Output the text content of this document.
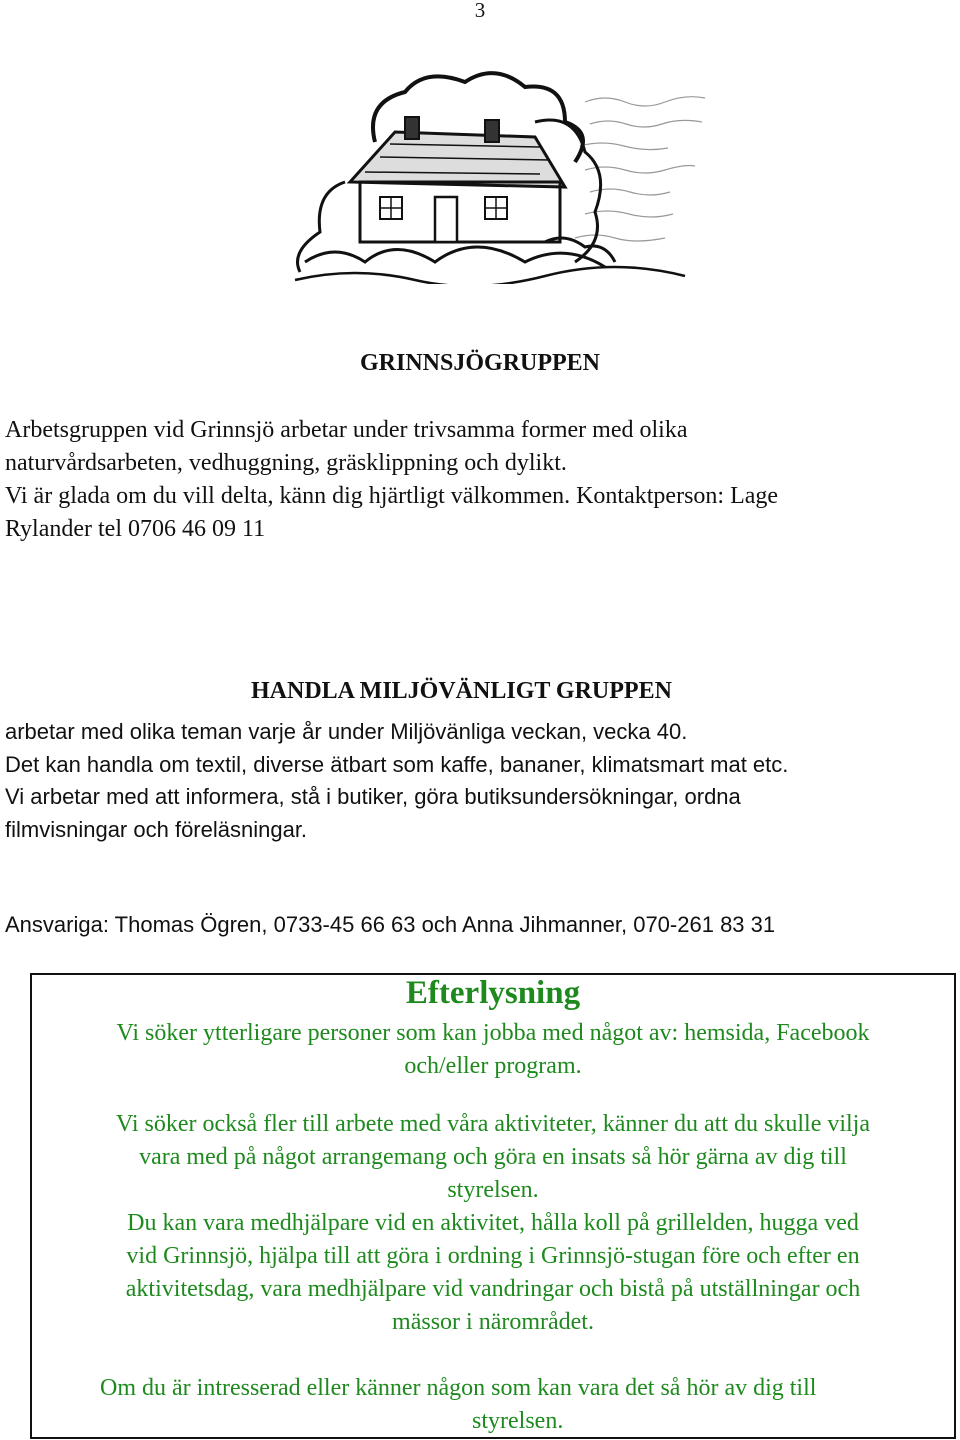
3
GRINNSJÖGRUPPEN
Arbetsgruppen vid Grinnsjö arbetar under trivsamma former med olika
naturvårdsarbeten, vedhuggning, gräsklippning och dylikt.
Vi är glada om du vill delta, känn dig hjärtligt välkommen. Kontaktperson: Lage
Rylander tel 0706 46 09 11
HANDLA MILJÖVÄNLIGT GRUPPEN
arbetar med olika teman varje år under Miljövänliga veckan, vecka 40.
Det kan handla om textil, diverse ätbart som kaffe, bananer, klimatsmart mat etc.
Vi arbetar med att informera, stå i butiker, göra butiksundersökningar, ordna
filmvisningar och föreläsningar.
Ansvariga: Thomas Ögren, 0733-45 66 63 och Anna Jihmanner, 070-261 83 31
Efterlysning
Vi söker ytterligare personer som kan jobba med något av: hemsida, Facebook
och/eller program.
Vi söker också fler till arbete med våra aktiviteter, känner du att du skulle vilja
vara med på något arrangemang och göra en insats så hör gärna av dig till
styrelsen.
Du kan vara medhjälpare vid en aktivitet, hålla koll på grillelden, hugga ved
vid Grinnsjö, hjälpa till att göra i ordning i Grinnsjö-stugan före och efter en
aktivitetsdag, vara medhjälpare vid vandringar och bistå på utställningar och
mässor i närområdet.
Om du är intresserad eller känner någon som kan vara det så hör av dig till
styrelsen.
